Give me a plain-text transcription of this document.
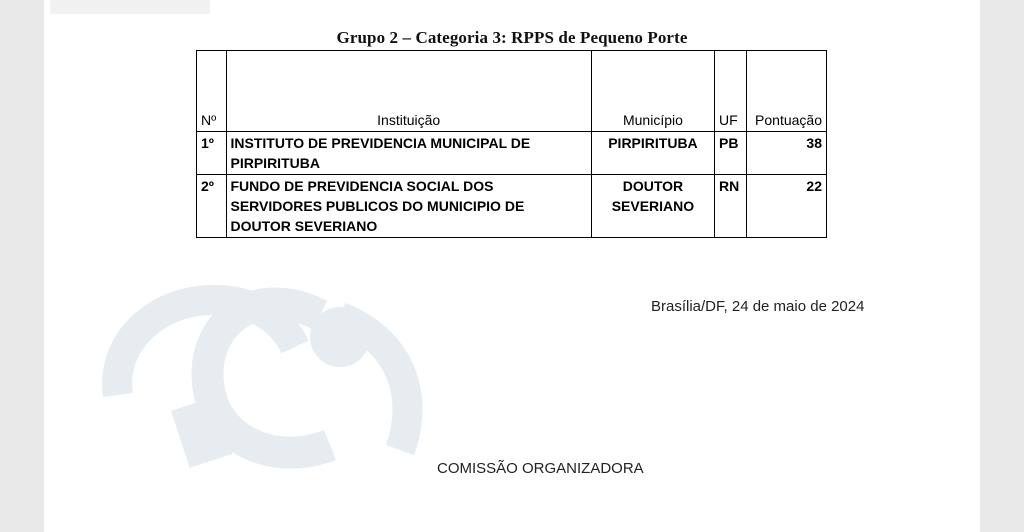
Grupo 2 – Categoria 3: RPPS de Pequeno Porte
Nº	Instituição	Município	UF	Pontuação
1º	INSTITUTO DE PREVIDENCIA MUNICIPAL DE PIRPIRITUBA	PIRPIRITUBA	PB	38
2º	FUNDO DE PREVIDENCIA SOCIAL DOS SERVIDORES PUBLICOS DO MUNICIPIO DE DOUTOR SEVERIANO	DOUTOR SEVERIANO	RN	22
Brasília/DF, 24 de maio de 2024
COMISSÃO ORGANIZADORA
